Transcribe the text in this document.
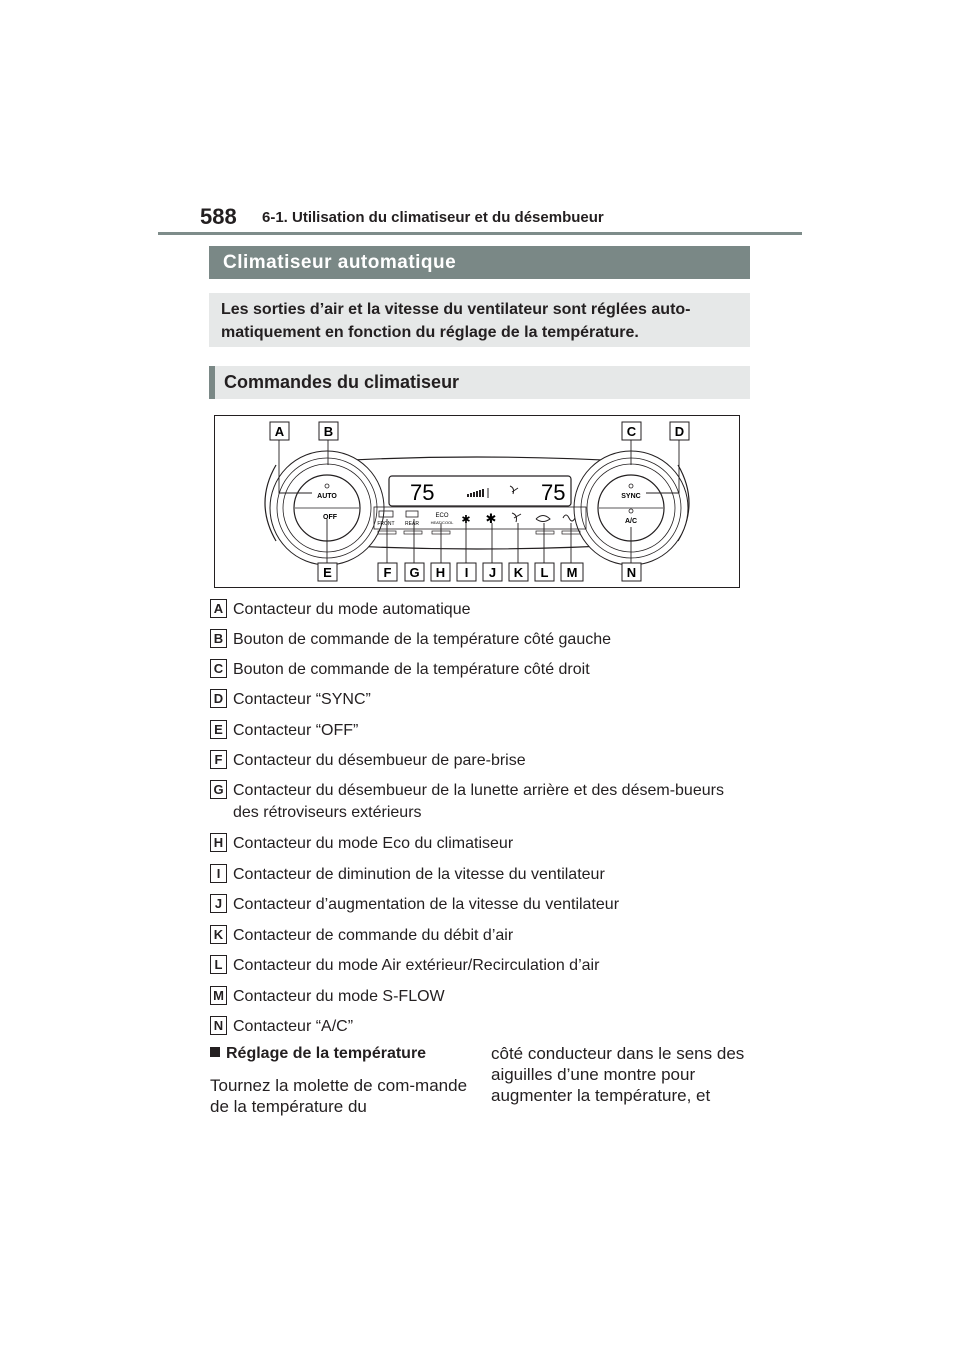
588 6-1. Utilisation du climatiseur et du désembueur
Climatiseur automatique
Les sorties d’air et la vitesse du ventilateur sont réglées auto-matiquement en fonction du réglage de la température.
Commandes du climatiseur
AUTO
OFF
SYNC
A/C
75	75
FRONT REAR
ECO
HEAT/COOL ✱ ✱
A	B	C	D
E	F G H I J K L M	N
A Contacteur du mode automatique
B Bouton de commande de la température côté gauche
C Bouton de commande de la température côté droit
D Contacteur “SYNC”
E Contacteur “OFF”
F Contacteur du désembueur de pare-brise
G Contacteur du désembueur de la lunette arrière et des désem-bueurs des rétroviseurs extérieurs
H Contacteur du mode Eco du climatiseur
I Contacteur de diminution de la vitesse du ventilateur
J Contacteur d’augmentation de la vitesse du ventilateur
K Contacteur de commande du débit d’air
L Contacteur du mode Air extérieur/Recirculation d’air
M Contacteur du mode S-FLOW
N Contacteur “A/C”
Réglage de la température
Tournez la molette de com-mande de la température du
côté conducteur dans le sens des aiguilles d’une montre pour augmenter la température, et
